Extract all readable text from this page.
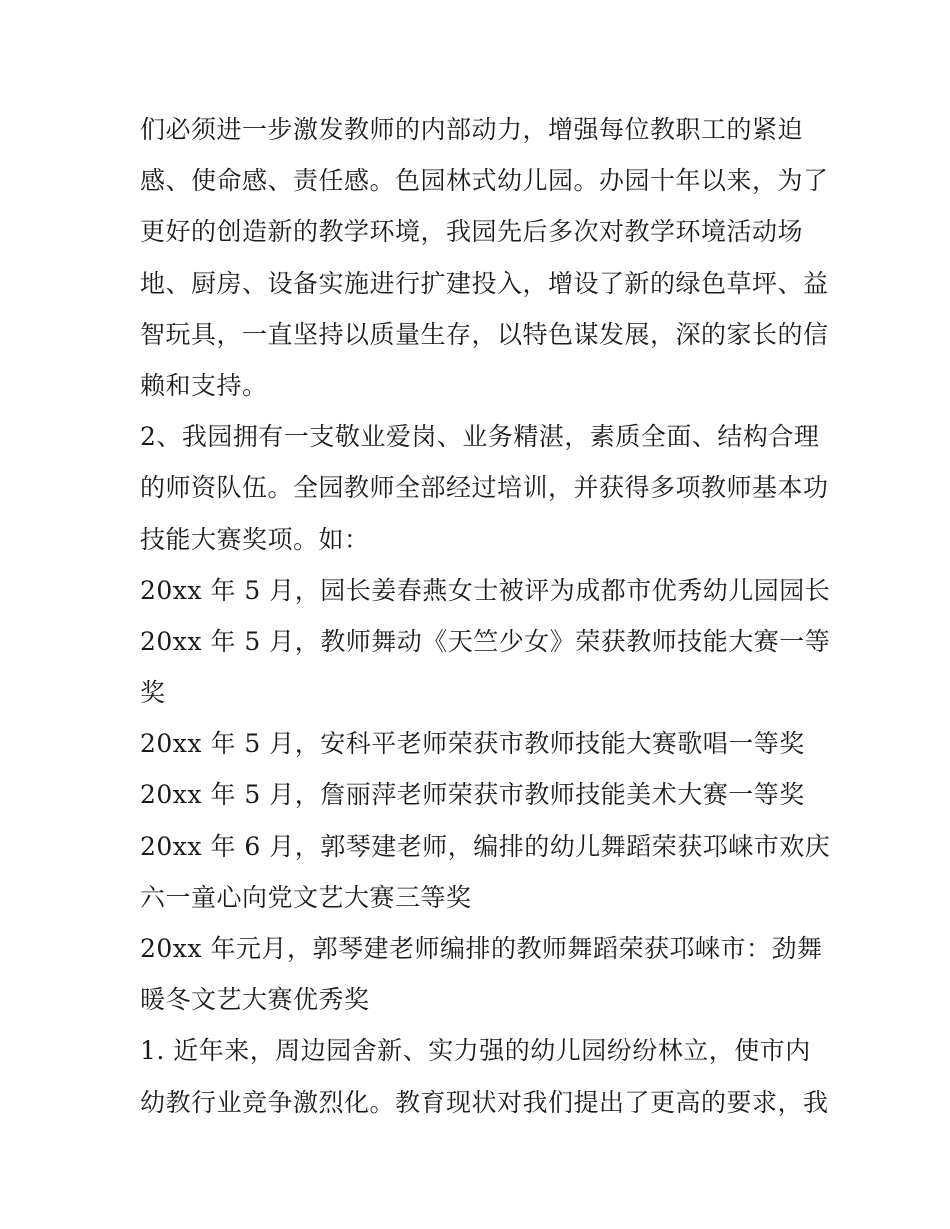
们必须进一步激发教师的内部动力，增强每位教职工的紧迫
感、使命感、责任感。色园林式幼儿园。办园十年以来，为了
更好的创造新的教学环境，我园先后多次对教学环境活动场
地、厨房、设备实施进行扩建投入，增设了新的绿色草坪、益
智玩具，一直坚持以质量生存，以特色谋发展，深的家长的信
赖和支持。
2、我园拥有一支敬业爱岗、业务精湛，素质全面、结构合理
的师资队伍。全园教师全部经过培训，并获得多项教师基本功
技能大赛奖项。如：
20xx 年 5 月，园长姜春燕女士被评为成都市优秀幼儿园园长
20xx 年 5 月，教师舞动《天竺少女》荣获教师技能大赛一等
奖
20xx 年 5 月，安科平老师荣获市教师技能大赛歌唱一等奖
20xx 年 5 月，詹丽萍老师荣获市教师技能美术大赛一等奖
20xx 年 6 月，郭琴建老师，编排的幼儿舞蹈荣获邛崃市欢庆
六一童心向党文艺大赛三等奖
20xx 年元月，郭琴建老师编排的教师舞蹈荣获邛崃市：劲舞
暖冬文艺大赛优秀奖
1. 近年来，周边园舍新、实力强的幼儿园纷纷林立，使市内
幼教行业竞争激烈化。教育现状对我们提出了更高的要求，我
